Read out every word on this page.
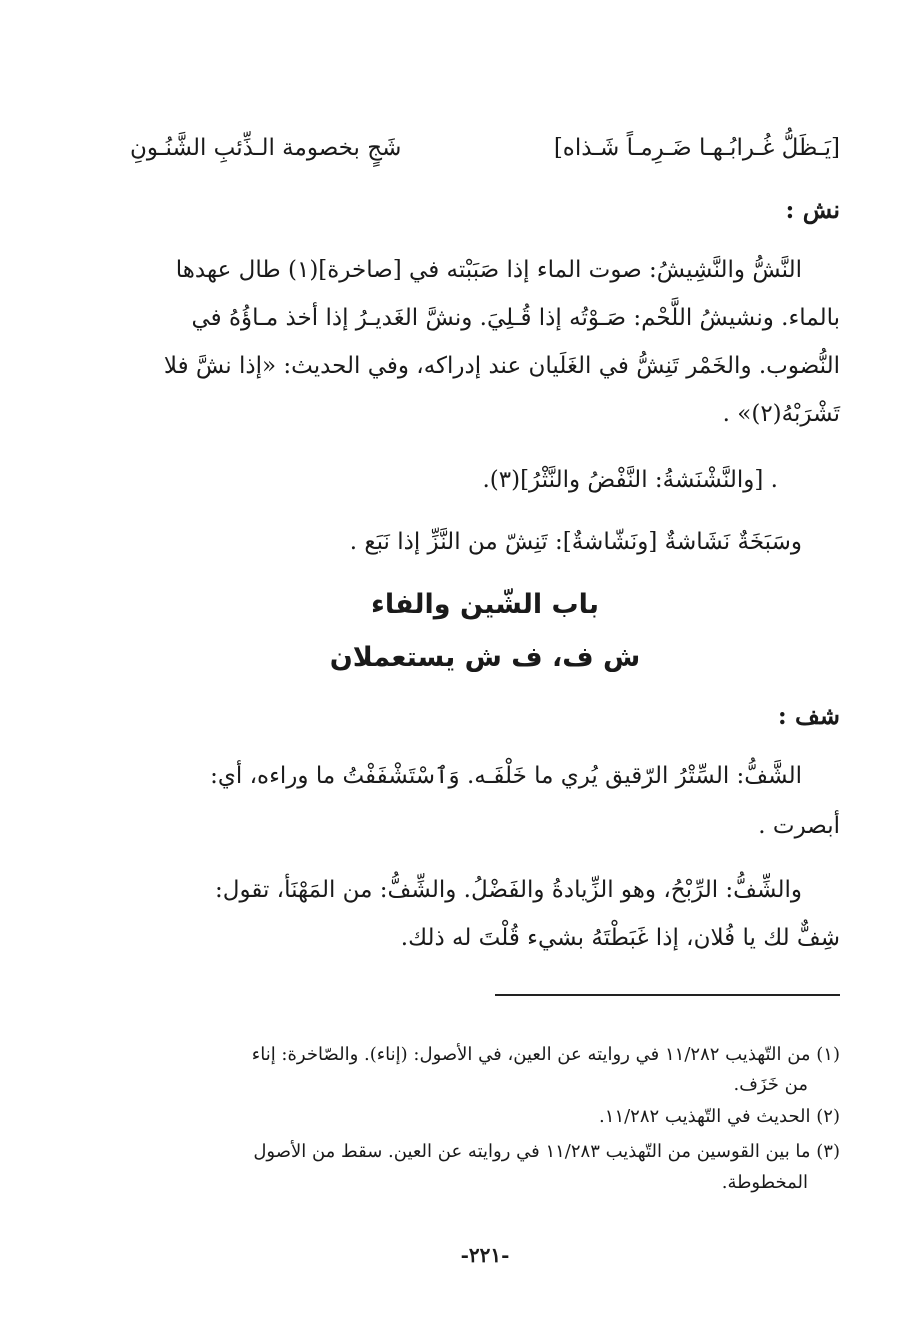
[يَـظَلُّ غُـرابُـهـا ضَـرِمـاً شَـذاه]
شَجٍ بخصومة الـذِّئبِ الشَّنُـونِ
نش :
النَّشُّ والنَّشِيشُ: صوت الماء إذا صَبَبْته في [صاخرة](١) طال عهدها
بالماء. ونشيشُ اللَّحْم: صَـوْتُه إذا قُـلِيَ. ونشَّ الغَديـرُ إذا أخذ مـاؤُهُ في
النُّضوب. والخَمْر تَنِشُّ في الغَلَيان عند إدراكه، وفي الحديث: «إذا نشَّ فلا
تَشْرَبْهُ(٢)» .
. [والنَّشْنَشةُ: النَّفْضُ والنَّثْرُ](٣).
وسَبَخَةٌ نَشَاشةٌ [ونَشّاشةٌ]: تَنِشّ من النَّزِّ إذا نَبَع .
باب الشّين والفاء
ش ف، ف ش يستعملان
شف :
الشَّفُّ: السِّتْرُ الرّقيق يُري ما خَلْفَـه. وَٱسْتَشْفَفْتُ ما وراءه، أي:
أبصرت .
والشِّفُّ: الرِّبْحُ، وهو الزِّيادةُ والفَضْلُ. والشِّفُّ: من المَهْنَأ، تقول:
شِفٌّ لك يا فُلان، إذا غَبَطْتَهُ بشيء قُلْتَ له ذلك.
(١) من التّهذيب ١١/٢٨٢ في روايته عن العين، في الأصول: (إناء). والصّاخرة: إناء
من خَزَف.
(٢) الحديث في التّهذيب ١١/٢٨٢.
(٣) ما بين القوسين من التّهذيب ١١/٢٨٣ في روايته عن العين. سقط من الأصول
المخطوطة.
-٢٢١-
